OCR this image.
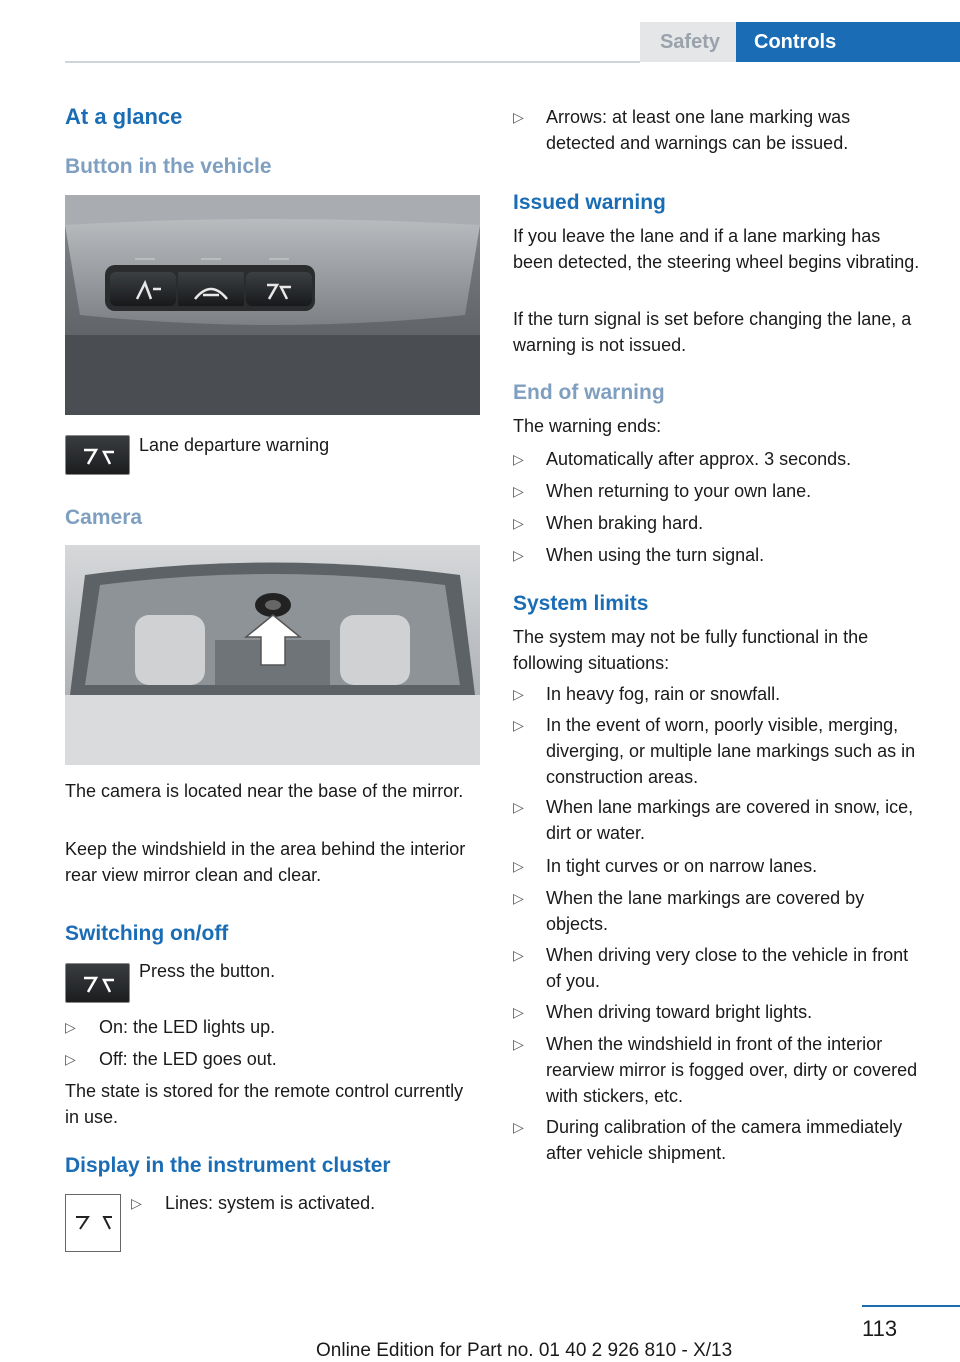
Safety	Controls
At a glance
Button in the vehicle
Lane departure warning
Camera
The camera is located near the base of the mirror.
Keep the windshield in the area behind the interior rear view mirror clean and clear.
Switching on/off
Press the button.
▷	On: the LED lights up.
▷	Off: the LED goes out.
The state is stored for the remote control currently in use.
Display in the instrument cluster
▷	Lines: system is activated.
▷	Arrows: at least one lane marking was detected and warnings can be issued.
Issued warning
If you leave the lane and if a lane marking has been detected, the steering wheel begins vibrating.
If the turn signal is set before changing the lane, a warning is not issued.
End of warning
The warning ends:
▷	Automatically after approx. 3 seconds.
▷	When returning to your own lane.
▷	When braking hard.
▷	When using the turn signal.
System limits
The system may not be fully functional in the following situations:
▷	In heavy fog, rain or snowfall.
▷	In the event of worn, poorly visible, merging, diverging, or multiple lane markings such as in construction areas.
▷	When lane markings are covered in snow, ice, dirt or water.
▷	In tight curves or on narrow lanes.
▷	When the lane markings are covered by objects.
▷	When driving very close to the vehicle in front of you.
▷	When driving toward bright lights.
▷	When the windshield in front of the interior rearview mirror is fogged over, dirty or covered with stickers, etc.
▷	During calibration of the camera immediately after vehicle shipment.
113
Online Edition for Part no. 01 40 2 926 810 - X/13
